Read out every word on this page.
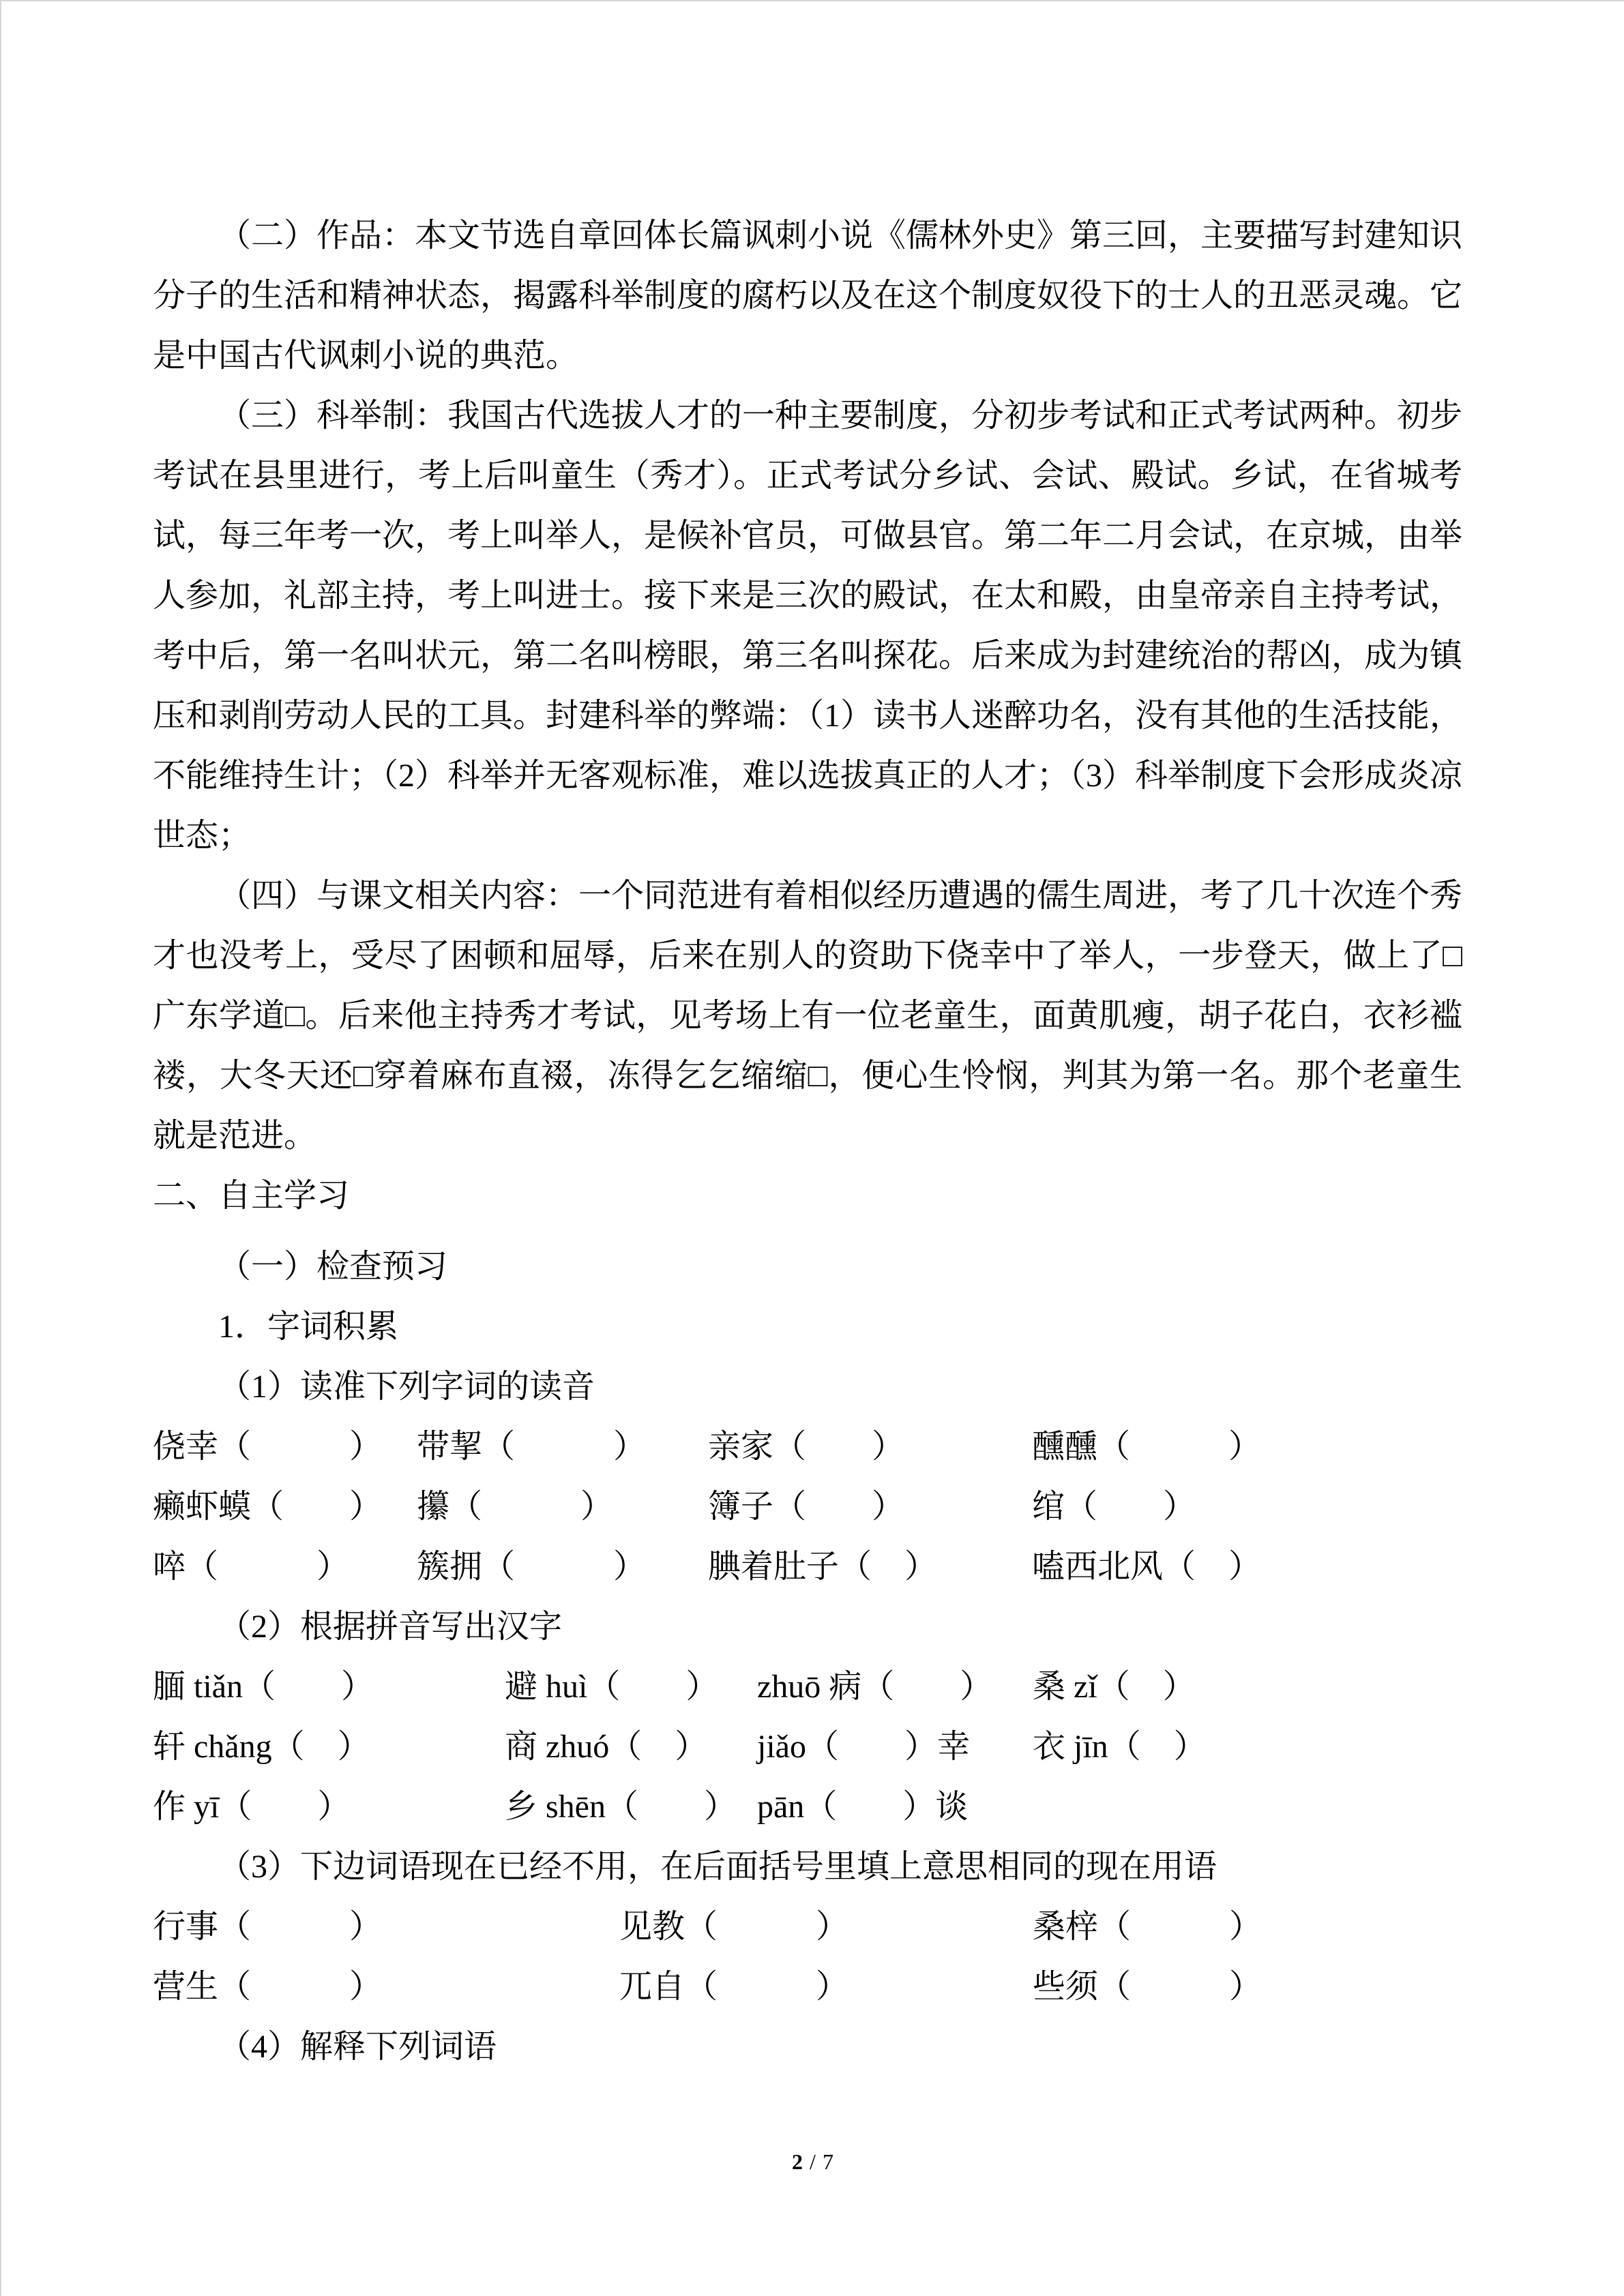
（二）作品：本文节选自章回体长篇讽刺小说《儒林外史》第三回，主要描写封建知识分子的生活和精神状态，揭露科举制度的腐朽以及在这个制度奴役下的士人的丑恶灵魂。它是中国古代讽刺小说的典范。

（三）科举制：我国古代选拔人才的一种主要制度，分初步考试和正式考试两种。初步考试在县里进行，考上后叫童生（秀才）。正式考试分乡试、会试、殿试。乡试，在省城考试，每三年考一次，考上叫举人，是候补官员，可做县官。第二年二月会试，在京城，由举人参加，礼部主持，考上叫进士。接下来是三次的殿试，在太和殿，由皇帝亲自主持考试，考中后，第一名叫状元，第二名叫榜眼，第三名叫探花。后来成为封建统治的帮凶，成为镇压和剥削劳动人民的工具。封建科举的弊端：（1）读书人迷醉功名，没有其他的生活技能，不能维持生计；（2）科举并无客观标准，难以选拔真正的人才；（3）科举制度下会形成炎凉世态；

（四）与课文相关内容：一个同范进有着相似经历遭遇的儒生周进，考了几十次连个秀才也没考上，受尽了困顿和屈辱，后来在别人的资助下侥幸中了举人，一步登天，做上了□广东学道□。后来他主持秀才考试，见考场上有一位老童生，面黄肌瘦，胡子花白，衣衫褴褛，大冬天还□穿着麻布直裰，冻得乞乞缩缩□，便心生怜悯，判其为第一名。那个老童生就是范进。

二、自主学习
（一）检查预习
1．字词积累
（1）读准下列字词的读音
侥幸（　　　）	带挈（　　　）	亲家（　　）	醺醺（　　　）
癞虾蟆（　　）	攥（　　　）	簿子（　　）	绾（　　）
啐（　　　）	簇拥（　　　）	腆着肚子（　）	嗑西北风（　）
（2）根据拼音写出汉字
腼 tiǎn（　　）	避 huì（　　）	zhuō 病（　　）	桑 zǐ（　）
轩 chǎng（　）	商 zhuó（　）	jiǎo（　　）幸	衣 jīn（　）
作 yī（　　）	乡 shēn（　　） pān（　　）谈
（3）下边词语现在已经不用，在后面括号里填上意思相同的现在用语
行事（　　　）	见教（　　　）	桑梓（　　　）
营生（　　　）	兀自（　　　）	些须（　　　）
（4）解释下列词语
2 / 7
